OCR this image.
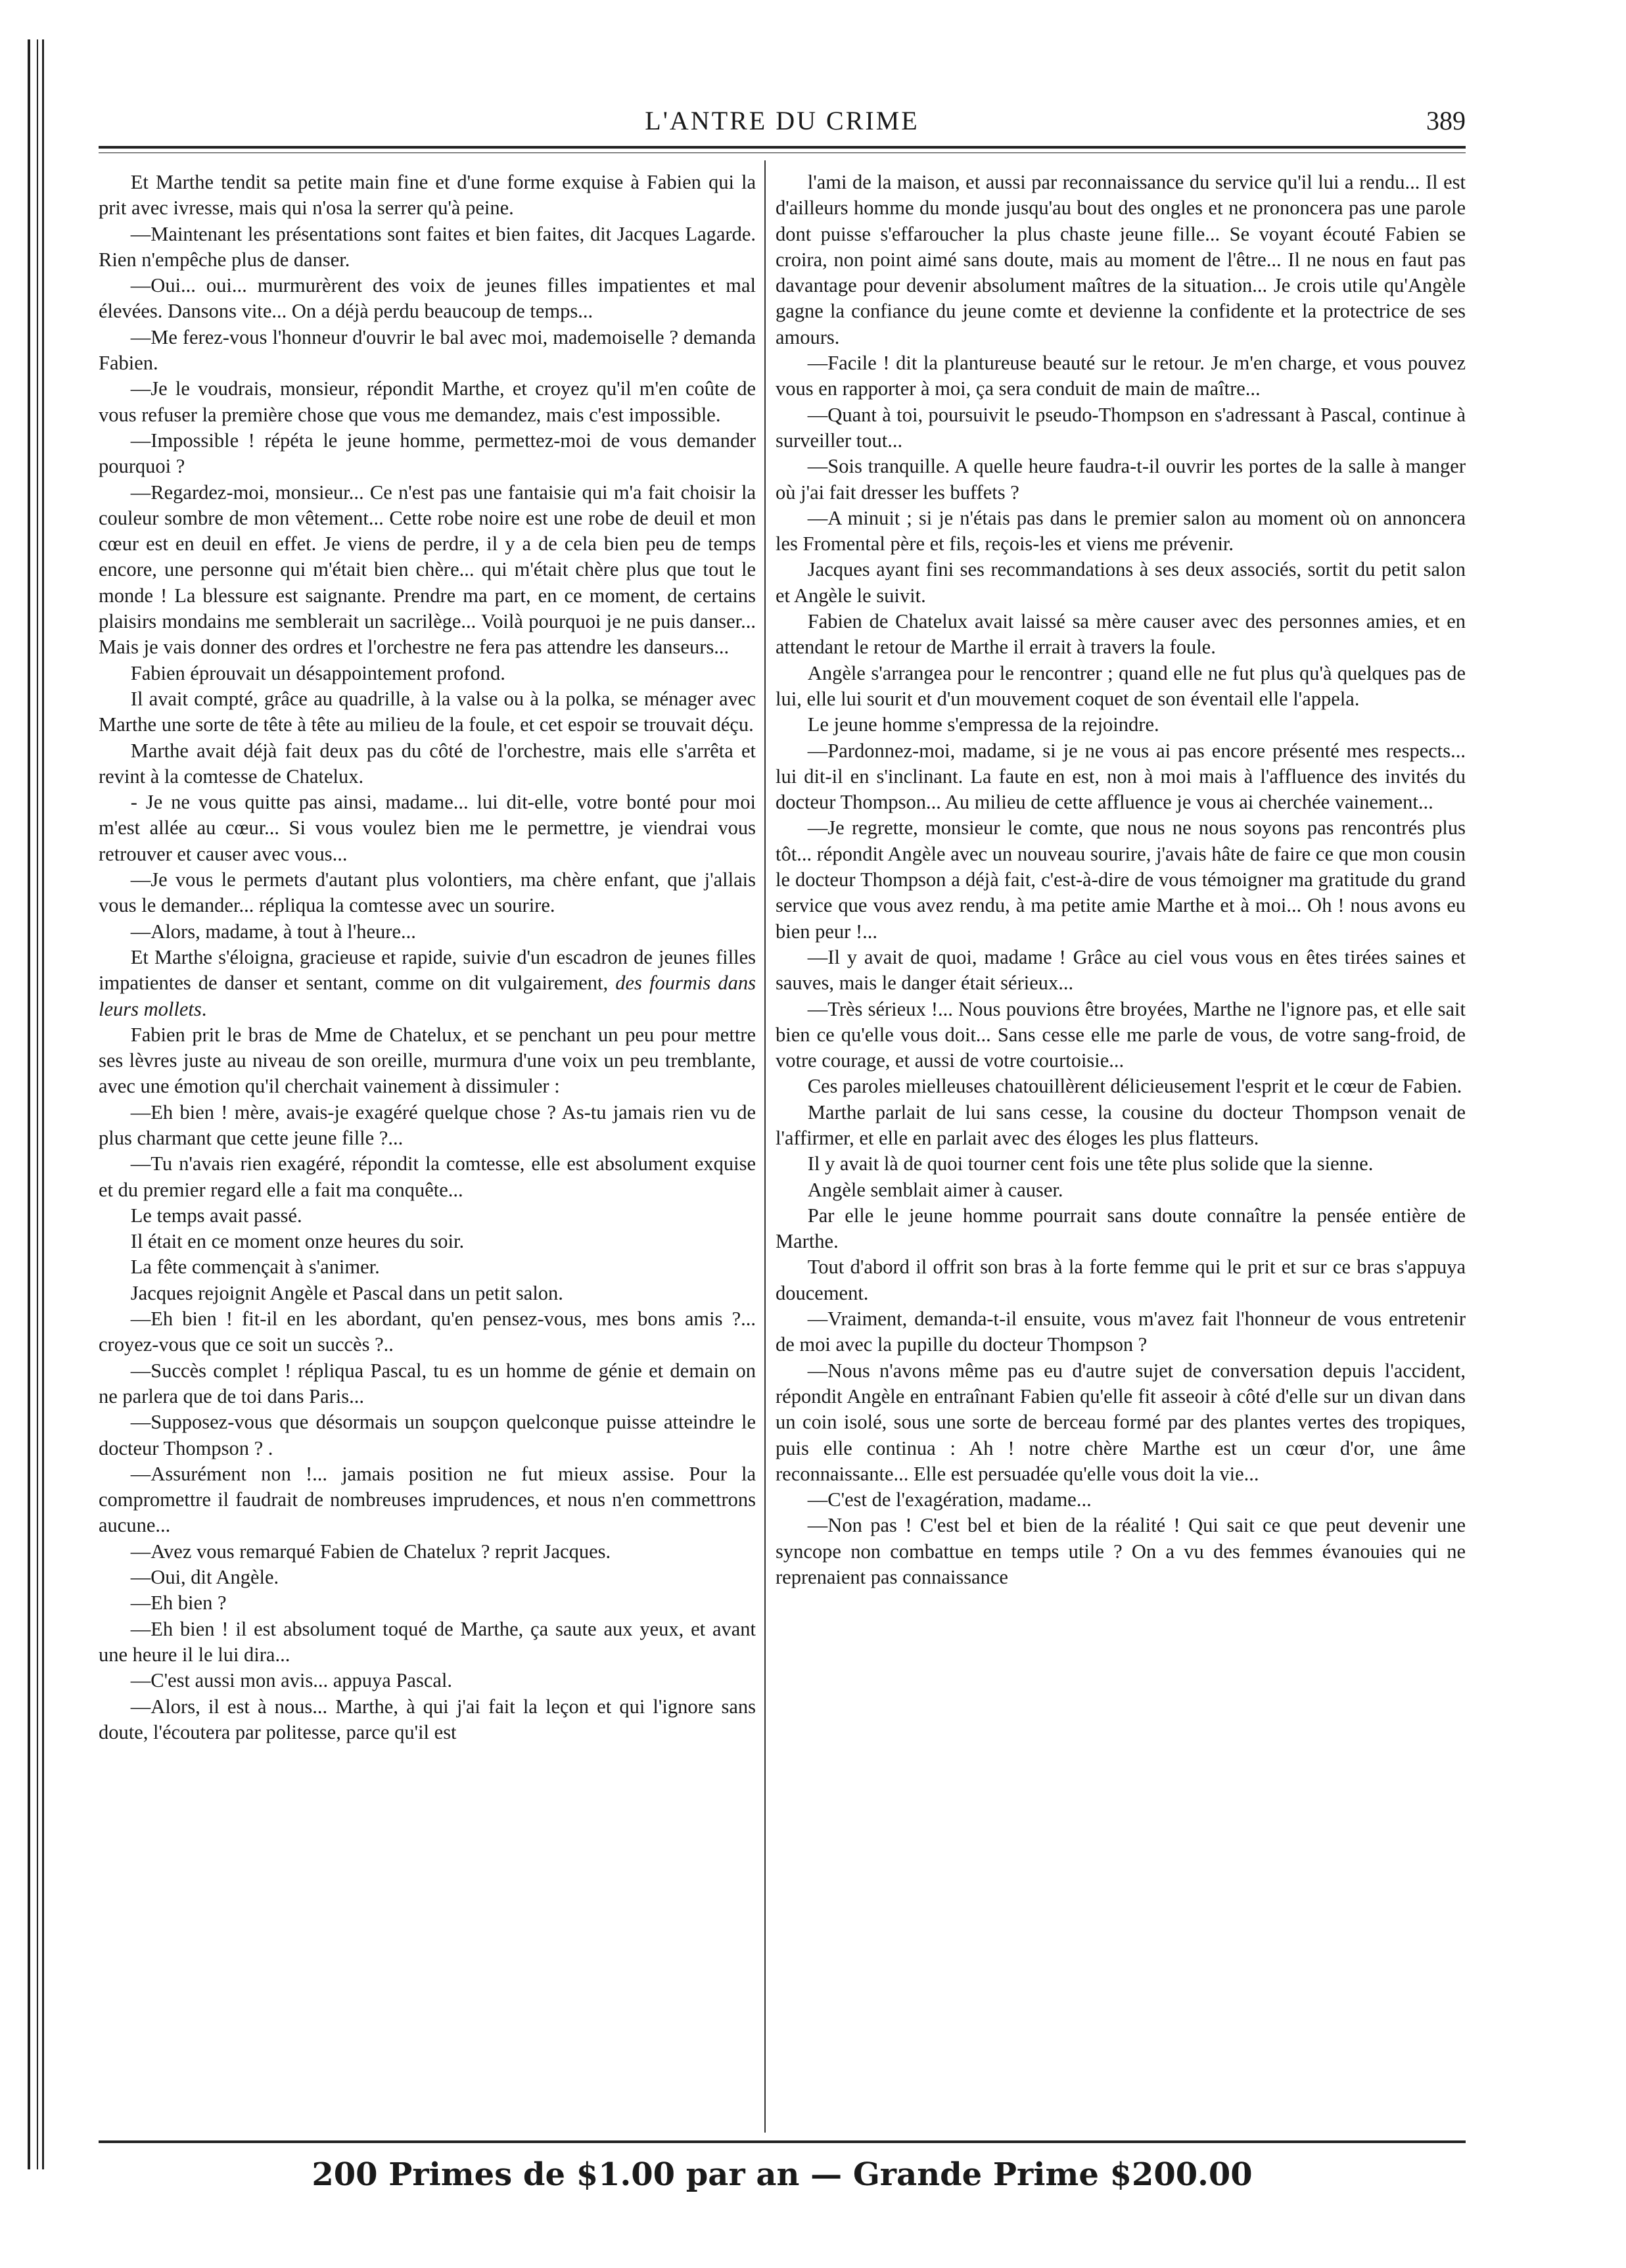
L'ANTRE DU CRIME	389

Et Marthe tendit sa petite main fine et d'une forme exquise à Fabien qui la prit avec ivresse, mais qui n'osa la serrer qu'à peine.

—Maintenant les présentations sont faites et bien faites, dit Jacques Lagarde. Rien n'empêche plus de danser.

—Oui... oui... murmurèrent des voix de jeunes filles impatientes et mal élevées. Dansons vite... On a déjà perdu beaucoup de temps...

—Me ferez-vous l'honneur d'ouvrir le bal avec moi, mademoiselle ? demanda Fabien.

—Je le voudrais, monsieur, répondit Marthe, et croyez qu'il m'en coûte de vous refuser la première chose que vous me demandez, mais c'est impossible.

—Impossible ! répéta le jeune homme, permettez-moi de vous demander pourquoi ?

—Regardez-moi, monsieur... Ce n'est pas une fantaisie qui m'a fait choisir la couleur sombre de mon vêtement... Cette robe noire est une robe de deuil et mon cœur est en deuil en effet. Je viens de perdre, il y a de cela bien peu de temps encore, une personne qui m'était bien chère... qui m'était chère plus que tout le monde ! La blessure est saignante. Prendre ma part, en ce moment, de certains plaisirs mondains me semblerait un sacrilège... Voilà pourquoi je ne puis danser... Mais je vais donner des ordres et l'orchestre ne fera pas attendre les danseurs...

Fabien éprouvait un désappointement profond.

Il avait compté, grâce au quadrille, à la valse ou à la polka, se ménager avec Marthe une sorte de tête à tête au milieu de la foule, et cet espoir se trouvait déçu.

Marthe avait déjà fait deux pas du côté de l'orchestre, mais elle s'arrêta et revint à la comtesse de Chatelux.

- Je ne vous quitte pas ainsi, madame... lui dit-elle, votre bonté pour moi m'est allée au cœur... Si vous voulez bien me le permettre, je viendrai vous retrouver et causer avec vous...

—Je vous le permets d'autant plus volontiers, ma chère enfant, que j'allais vous le demander... répliqua la comtesse avec un sourire.

—Alors, madame, à tout à l'heure...

Et Marthe s'éloigna, gracieuse et rapide, suivie d'un escadron de jeunes filles impatientes de danser et sentant, comme on dit vulgairement, des fourmis dans leurs mollets.

Fabien prit le bras de Mme de Chatelux, et se penchant un peu pour mettre ses lèvres juste au niveau de son oreille, murmura d'une voix un peu tremblante, avec une émotion qu'il cherchait vainement à dissimuler :

—Eh bien ! mère, avais-je exagéré quelque chose ? As-tu jamais rien vu de plus charmant que cette jeune fille ?...

—Tu n'avais rien exagéré, répondit la comtesse, elle est absolument exquise et du premier regard elle a fait ma conquête...

Le temps avait passé.

Il était en ce moment onze heures du soir.

La fête commençait à s'animer.

Jacques rejoignit Angèle et Pascal dans un petit salon.

—Eh bien ! fit-il en les abordant, qu'en pensez-vous, mes bons amis ?... croyez-vous que ce soit un succès ?..

—Succès complet ! répliqua Pascal, tu es un homme de génie et demain on ne parlera que de toi dans Paris...

—Supposez-vous que désormais un soupçon quelconque puisse atteindre le docteur Thompson ? .

—Assurément non !... jamais position ne fut mieux assise. Pour la compromettre il faudrait de nombreuses imprudences, et nous n'en commettrons aucune...

—Avez vous remarqué Fabien de Chatelux ? reprit Jacques.

—Oui, dit Angèle.

—Eh bien ?

—Eh bien ! il est absolument toqué de Marthe, ça saute aux yeux, et avant une heure il le lui dira...

—C'est aussi mon avis... appuya Pascal.

—Alors, il est à nous... Marthe, à qui j'ai fait la leçon et qui l'ignore sans doute, l'écoutera par politesse, parce qu'il est

l'ami de la maison, et aussi par reconnaissance du service qu'il lui a rendu... Il est d'ailleurs homme du monde jusqu'au bout des ongles et ne prononcera pas une parole dont puisse s'effaroucher la plus chaste jeune fille... Se voyant écouté Fabien se croira, non point aimé sans doute, mais au moment de l'être... Il ne nous en faut pas davantage pour devenir absolument maîtres de la situation... Je crois utile qu'Angèle gagne la confiance du jeune comte et devienne la confidente et la protectrice de ses amours.

—Facile ! dit la plantureuse beauté sur le retour. Je m'en charge, et vous pouvez vous en rapporter à moi, ça sera conduit de main de maître...

—Quant à toi, poursuivit le pseudo-Thompson en s'adressant à Pascal, continue à surveiller tout...

—Sois tranquille. A quelle heure faudra-t-il ouvrir les portes de la salle à manger où j'ai fait dresser les buffets ?

—A minuit ; si je n'étais pas dans le premier salon au moment où on annoncera les Fromental père et fils, reçois-les et viens me prévenir.

Jacques ayant fini ses recommandations à ses deux associés, sortit du petit salon et Angèle le suivit.

Fabien de Chatelux avait laissé sa mère causer avec des personnes amies, et en attendant le retour de Marthe il errait à travers la foule.

Angèle s'arrangea pour le rencontrer ; quand elle ne fut plus qu'à quelques pas de lui, elle lui sourit et d'un mouvement coquet de son éventail elle l'appela.

Le jeune homme s'empressa de la rejoindre.

—Pardonnez-moi, madame, si je ne vous ai pas encore présenté mes respects... lui dit-il en s'inclinant. La faute en est, non à moi mais à l'affluence des invités du docteur Thompson... Au milieu de cette affluence je vous ai cherchée vainement...

—Je regrette, monsieur le comte, que nous ne nous soyons pas rencontrés plus tôt... répondit Angèle avec un nouveau sourire, j'avais hâte de faire ce que mon cousin le docteur Thompson a déjà fait, c'est-à-dire de vous témoigner ma gratitude du grand service que vous avez rendu, à ma petite amie Marthe et à moi... Oh ! nous avons eu bien peur !...

—Il y avait de quoi, madame ! Grâce au ciel vous vous en êtes tirées saines et sauves, mais le danger était sérieux...

—Très sérieux !... Nous pouvions être broyées, Marthe ne l'ignore pas, et elle sait bien ce qu'elle vous doit... Sans cesse elle me parle de vous, de votre sang-froid, de votre courage, et aussi de votre courtoisie...

Ces paroles mielleuses chatouillèrent délicieusement l'esprit et le cœur de Fabien.

Marthe parlait de lui sans cesse, la cousine du docteur Thompson venait de l'affirmer, et elle en parlait avec des éloges les plus flatteurs.

Il y avait là de quoi tourner cent fois une tête plus solide que la sienne.

Angèle semblait aimer à causer.

Par elle le jeune homme pourrait sans doute connaître la pensée entière de Marthe.

Tout d'abord il offrit son bras à la forte femme qui le prit et sur ce bras s'appuya doucement.

—Vraiment, demanda-t-il ensuite, vous m'avez fait l'honneur de vous entretenir de moi avec la pupille du docteur Thompson ?

—Nous n'avons même pas eu d'autre sujet de conversation depuis l'accident, répondit Angèle en entraînant Fabien qu'elle fit asseoir à côté d'elle sur un divan dans un coin isolé, sous une sorte de berceau formé par des plantes vertes des tropiques, puis elle continua : Ah ! notre chère Marthe est un cœur d'or, une âme reconnaissante... Elle est persuadée qu'elle vous doit la vie...

—C'est de l'exagération, madame...

—Non pas ! C'est bel et bien de la réalité ! Qui sait ce que peut devenir une syncope non combattue en temps utile ? On a vu des femmes évanouies qui ne reprenaient pas connaissance

200 Primes de $1.00 par an — Grande Prime $200.00
